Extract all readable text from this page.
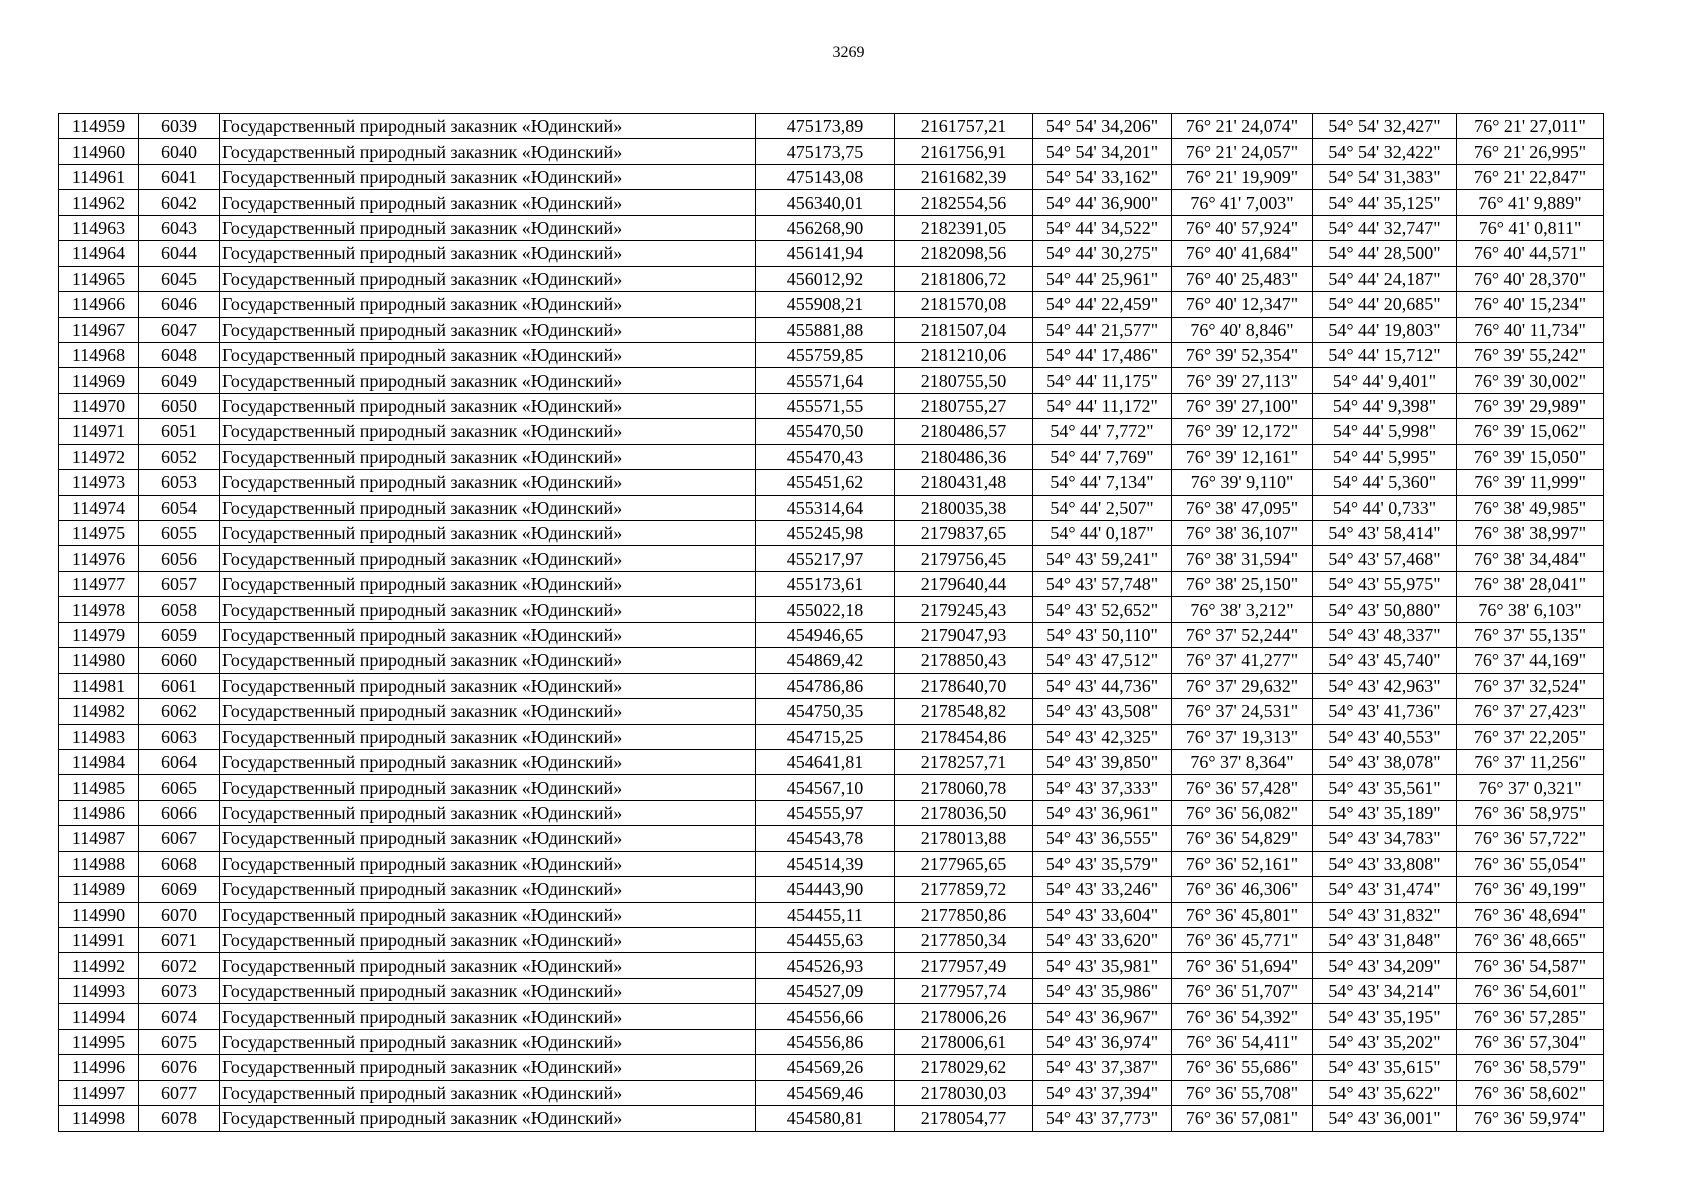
3269
114959	6039	Государственный природный заказник «Юдинский»	475173,89	2161757,21	54° 54' 34,206"	76° 21' 24,074"	54° 54' 32,427"	76° 21' 27,011"
114960	6040	Государственный природный заказник «Юдинский»	475173,75	2161756,91	54° 54' 34,201"	76° 21' 24,057"	54° 54' 32,422"	76° 21' 26,995"
114961	6041	Государственный природный заказник «Юдинский»	475143,08	2161682,39	54° 54' 33,162"	76° 21' 19,909"	54° 54' 31,383"	76° 21' 22,847"
114962	6042	Государственный природный заказник «Юдинский»	456340,01	2182554,56	54° 44' 36,900"	76° 41' 7,003"	54° 44' 35,125"	76° 41' 9,889"
114963	6043	Государственный природный заказник «Юдинский»	456268,90	2182391,05	54° 44' 34,522"	76° 40' 57,924"	54° 44' 32,747"	76° 41' 0,811"
114964	6044	Государственный природный заказник «Юдинский»	456141,94	2182098,56	54° 44' 30,275"	76° 40' 41,684"	54° 44' 28,500"	76° 40' 44,571"
114965	6045	Государственный природный заказник «Юдинский»	456012,92	2181806,72	54° 44' 25,961"	76° 40' 25,483"	54° 44' 24,187"	76° 40' 28,370"
114966	6046	Государственный природный заказник «Юдинский»	455908,21	2181570,08	54° 44' 22,459"	76° 40' 12,347"	54° 44' 20,685"	76° 40' 15,234"
114967	6047	Государственный природный заказник «Юдинский»	455881,88	2181507,04	54° 44' 21,577"	76° 40' 8,846"	54° 44' 19,803"	76° 40' 11,734"
114968	6048	Государственный природный заказник «Юдинский»	455759,85	2181210,06	54° 44' 17,486"	76° 39' 52,354"	54° 44' 15,712"	76° 39' 55,242"
114969	6049	Государственный природный заказник «Юдинский»	455571,64	2180755,50	54° 44' 11,175"	76° 39' 27,113"	54° 44' 9,401"	76° 39' 30,002"
114970	6050	Государственный природный заказник «Юдинский»	455571,55	2180755,27	54° 44' 11,172"	76° 39' 27,100"	54° 44' 9,398"	76° 39' 29,989"
114971	6051	Государственный природный заказник «Юдинский»	455470,50	2180486,57	54° 44' 7,772"	76° 39' 12,172"	54° 44' 5,998"	76° 39' 15,062"
114972	6052	Государственный природный заказник «Юдинский»	455470,43	2180486,36	54° 44' 7,769"	76° 39' 12,161"	54° 44' 5,995"	76° 39' 15,050"
114973	6053	Государственный природный заказник «Юдинский»	455451,62	2180431,48	54° 44' 7,134"	76° 39' 9,110"	54° 44' 5,360"	76° 39' 11,999"
114974	6054	Государственный природный заказник «Юдинский»	455314,64	2180035,38	54° 44' 2,507"	76° 38' 47,095"	54° 44' 0,733"	76° 38' 49,985"
114975	6055	Государственный природный заказник «Юдинский»	455245,98	2179837,65	54° 44' 0,187"	76° 38' 36,107"	54° 43' 58,414"	76° 38' 38,997"
114976	6056	Государственный природный заказник «Юдинский»	455217,97	2179756,45	54° 43' 59,241"	76° 38' 31,594"	54° 43' 57,468"	76° 38' 34,484"
114977	6057	Государственный природный заказник «Юдинский»	455173,61	2179640,44	54° 43' 57,748"	76° 38' 25,150"	54° 43' 55,975"	76° 38' 28,041"
114978	6058	Государственный природный заказник «Юдинский»	455022,18	2179245,43	54° 43' 52,652"	76° 38' 3,212"	54° 43' 50,880"	76° 38' 6,103"
114979	6059	Государственный природный заказник «Юдинский»	454946,65	2179047,93	54° 43' 50,110"	76° 37' 52,244"	54° 43' 48,337"	76° 37' 55,135"
114980	6060	Государственный природный заказник «Юдинский»	454869,42	2178850,43	54° 43' 47,512"	76° 37' 41,277"	54° 43' 45,740"	76° 37' 44,169"
114981	6061	Государственный природный заказник «Юдинский»	454786,86	2178640,70	54° 43' 44,736"	76° 37' 29,632"	54° 43' 42,963"	76° 37' 32,524"
114982	6062	Государственный природный заказник «Юдинский»	454750,35	2178548,82	54° 43' 43,508"	76° 37' 24,531"	54° 43' 41,736"	76° 37' 27,423"
114983	6063	Государственный природный заказник «Юдинский»	454715,25	2178454,86	54° 43' 42,325"	76° 37' 19,313"	54° 43' 40,553"	76° 37' 22,205"
114984	6064	Государственный природный заказник «Юдинский»	454641,81	2178257,71	54° 43' 39,850"	76° 37' 8,364"	54° 43' 38,078"	76° 37' 11,256"
114985	6065	Государственный природный заказник «Юдинский»	454567,10	2178060,78	54° 43' 37,333"	76° 36' 57,428"	54° 43' 35,561"	76° 37' 0,321"
114986	6066	Государственный природный заказник «Юдинский»	454555,97	2178036,50	54° 43' 36,961"	76° 36' 56,082"	54° 43' 35,189"	76° 36' 58,975"
114987	6067	Государственный природный заказник «Юдинский»	454543,78	2178013,88	54° 43' 36,555"	76° 36' 54,829"	54° 43' 34,783"	76° 36' 57,722"
114988	6068	Государственный природный заказник «Юдинский»	454514,39	2177965,65	54° 43' 35,579"	76° 36' 52,161"	54° 43' 33,808"	76° 36' 55,054"
114989	6069	Государственный природный заказник «Юдинский»	454443,90	2177859,72	54° 43' 33,246"	76° 36' 46,306"	54° 43' 31,474"	76° 36' 49,199"
114990	6070	Государственный природный заказник «Юдинский»	454455,11	2177850,86	54° 43' 33,604"	76° 36' 45,801"	54° 43' 31,832"	76° 36' 48,694"
114991	6071	Государственный природный заказник «Юдинский»	454455,63	2177850,34	54° 43' 33,620"	76° 36' 45,771"	54° 43' 31,848"	76° 36' 48,665"
114992	6072	Государственный природный заказник «Юдинский»	454526,93	2177957,49	54° 43' 35,981"	76° 36' 51,694"	54° 43' 34,209"	76° 36' 54,587"
114993	6073	Государственный природный заказник «Юдинский»	454527,09	2177957,74	54° 43' 35,986"	76° 36' 51,707"	54° 43' 34,214"	76° 36' 54,601"
114994	6074	Государственный природный заказник «Юдинский»	454556,66	2178006,26	54° 43' 36,967"	76° 36' 54,392"	54° 43' 35,195"	76° 36' 57,285"
114995	6075	Государственный природный заказник «Юдинский»	454556,86	2178006,61	54° 43' 36,974"	76° 36' 54,411"	54° 43' 35,202"	76° 36' 57,304"
114996	6076	Государственный природный заказник «Юдинский»	454569,26	2178029,62	54° 43' 37,387"	76° 36' 55,686"	54° 43' 35,615"	76° 36' 58,579"
114997	6077	Государственный природный заказник «Юдинский»	454569,46	2178030,03	54° 43' 37,394"	76° 36' 55,708"	54° 43' 35,622"	76° 36' 58,602"
114998	6078	Государственный природный заказник «Юдинский»	454580,81	2178054,77	54° 43' 37,773"	76° 36' 57,081"	54° 43' 36,001"	76° 36' 59,974"
